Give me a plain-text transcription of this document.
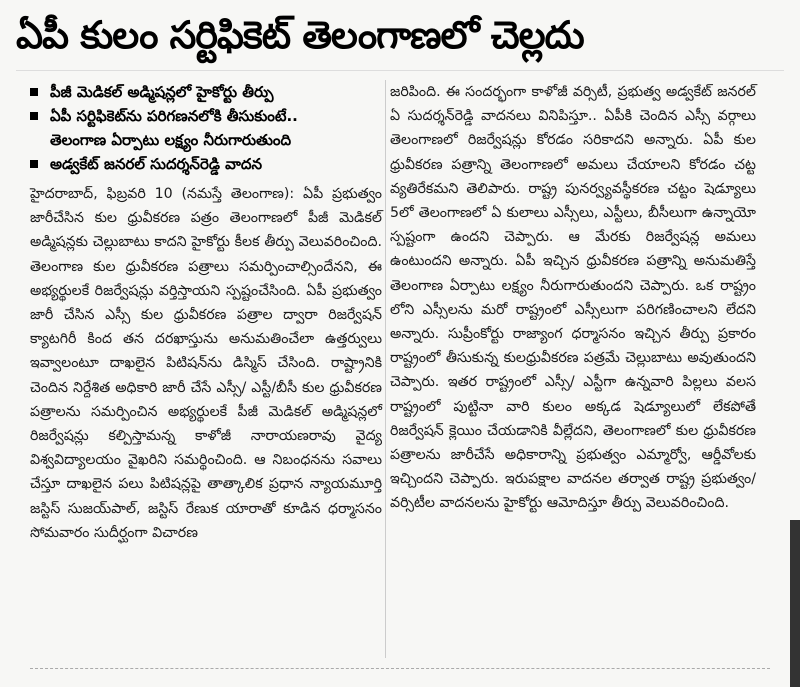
ఏపీ కులం సర్టిఫికెట్ తెలంగాణలో చెల్లదు
పీజీ మెడికల్ అడ్మిషన్లలో హైకోర్టు తీర్పు
ఏపీ సర్టిఫికెట్‌ను పరిగణనలోకి తీసుకుంటే..
తెలంగాణ ఏర్పాటు లక్ష్యం నీరుగారుతుంది
అడ్వకేట్ జనరల్ సుదర్శన్‌రెడ్డి వాదన

హైదరాబాద్, ఫిబ్రవరి 10 (నమస్తే తెలంగాణ): ఏపీ ప్రభుత్వం జారీచేసిన కుల ధ్రువీకరణ పత్రం తెలంగాణలో పీజీ మెడికల్ అడ్మిషన్లకు చెల్లుబాటు కాదని హైకోర్టు కీలక తీర్పు వెలువరించింది. తెలంగాణ కుల ధ్రువీకరణ పత్రాలు సమర్పించాల్సిందేనని, ఈ అభ్యర్థులకే రిజర్వేషన్లు వర్తిస్తాయని స్పష్టంచేసింది. ఏపీ ప్రభుత్వం జారీ చేసిన ఎస్సీ కుల ధ్రువీకరణ పత్రాల ద్వారా రిజర్వేషన్ క్యాటగిరీ కింద తన దరఖాస్తును అనుమతించేలా ఉత్తర్వులు ఇవ్వాలంటూ దాఖలైన పిటిషన్‌ను డిస్మిస్ చేసింది. రాష్ట్రానికి చెందిన నిర్దేశిత అధికారి జారీ చేసే ఎస్సీ/ ఎస్టీ/బీసీ కుల ధ్రువీకరణ పత్రాలను సమర్పించిన అభ్యర్థులకే పీజీ మెడికల్ అడ్మిషన్లలో రిజర్వేషన్లు కల్పిస్తామన్న కాళోజీ నారాయణరావు వైద్య విశ్వవిద్యాలయం వైఖరిని సమర్థించింది. ఆ నిబంధనను సవాలు చేస్తూ దాఖలైన పలు పిటిషన్లపై తాత్కాలిక ప్రధాన న్యాయమూర్తి జస్టిస్ సుజయ్‌పాల్, జస్టిస్ రేణుక యారాతో కూడిన ధర్మాసనం సోమవారం సుదీర్ఘంగా విచారణ

జరిపింది. ఈ సందర్భంగా కాళోజీ వర్సిటీ, ప్రభుత్వ అడ్వకేట్ జనరల్ ఏ సుదర్శన్‌రెడ్డి వాదనలు వినిపిస్తూ.. ఏపీకి చెందిన ఎస్సీ వర్గాలు తెలంగాణలో రిజర్వేషన్లు కోరడం సరికాదని అన్నారు. ఏపీ కుల ధ్రువీకరణ పత్రాన్ని తెలంగాణలో అమలు చేయాలని కోరడం చట్ట వ్యతిరేకమని తెలిపారు. రాష్ట్ర పునర్వ్యవస్థీకరణ చట్టం షెడ్యూలు 5లో తెలంగాణలో ఏ కులాలు ఎస్సీలు, ఎస్టీలు, బీసీలుగా ఉన్నాయో స్పష్టంగా ఉందని చెప్పారు. ఆ మేరకు రిజర్వేషన్ల అమలు ఉంటుందని అన్నారు. ఏపీ ఇచ్చిన ధ్రువీకరణ పత్రాన్ని అనుమతిస్తే తెలంగాణ ఏర్పాటు లక్ష్యం నీరుగారుతుందని చెప్పారు. ఒక రాష్ట్రం లోని ఎస్సీలను మరో రాష్ట్రంలో ఎస్సీలుగా పరిగణించాలని లేదని అన్నారు. సుప్రీంకోర్టు రాజ్యాంగ ధర్మాసనం ఇచ్చిన తీర్పు ప్రకారం రాష్ట్రంలో తీసుకున్న కులధ్రువీకరణ పత్రమే చెల్లుబాటు అవుతుందని చెప్పారు. ఇతర రాష్ట్రంలో ఎస్సీ/ ఎస్టీగా ఉన్నవారి పిల్లలు వలస రాష్ట్రంలో పుట్టినా వారి కులం అక్కడ షెడ్యూలులో లేకపోతే రిజర్వేషన్ క్లెయిం చేయడానికి వీల్లేదని, తెలంగాణలో కుల ధ్రువీకరణ పత్రాలను జారీచేసే అధికారాన్ని ప్రభుత్వం ఎమ్మార్వో, ఆర్డీవోలకు ఇచ్చిందని చెప్పారు. ఇరుపక్షాల వాదనల తర్వాత రాష్ట్ర ప్రభుత్వం/వర్సిటీల వాదనలను హైకోర్టు ఆమోదిస్తూ తీర్పు వెలువరించింది.
